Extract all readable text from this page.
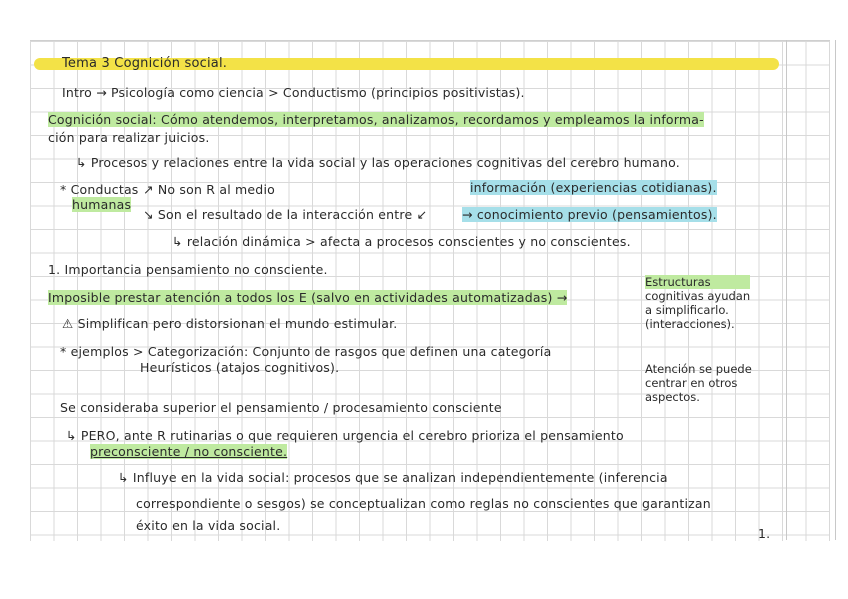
Tema 3 Cognición social.
Intro → Psicología como ciencia > Conductismo (principios positivistas).
Cognición social: Cómo atendemos, interpretamos, analizamos, recordamos y empleamos la informa-
ción para realizar juicios.
↳ Procesos y relaciones entre la vida social y las operaciones cognitivas del cerebro humano.
* Conductas
humanas
↗ No son R al medio
↘ Son el resultado de la interacción entre ↙
información (experiencias cotidianas).
→ conocimiento previo (pensamientos).
↳ relación dinámica > afecta a procesos conscientes y no conscientes.
1. Importancia pensamiento no consciente.
Imposible prestar atención a todos los E (salvo en actividades automatizadas) →
⚠ Simplifican pero distorsionan el mundo estimular.
* ejemplos > Categorización: Conjunto de rasgos que definen una categoría
Heurísticos (atajos cognitivos).
Estructuras
cognitivas ayudan
a simplificarlo.
(interacciones).
Atención se puede
centrar en otros
aspectos.
Se consideraba superior el pensamiento / procesamiento consciente
↳ PERO, ante R rutinarias o que requieren urgencia el cerebro prioriza el pensamiento
preconsciente / no consciente.
↳ Influye en la vida social: procesos que se analizan independientemente (inferencia
correspondiente o sesgos) se conceptualizan como reglas no conscientes que garantizan
éxito en la vida social.
1.
